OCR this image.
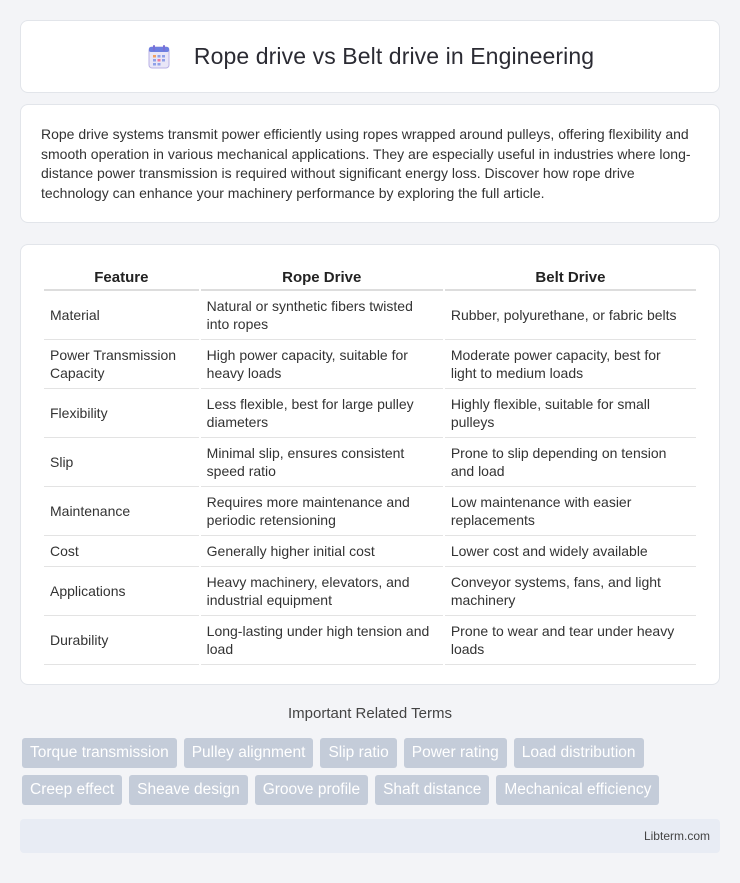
Rope drive vs Belt drive in Engineering

Rope drive systems transmit power efficiently using ropes wrapped around pulleys, offering flexibility and smooth operation in various mechanical applications. They are especially useful in industries where long-distance power transmission is required without significant energy loss. Discover how rope drive technology can enhance your machinery performance by exploring the full article.

Feature	Rope Drive	Belt Drive
Material	Natural or synthetic fibers twisted into ropes	Rubber, polyurethane, or fabric belts
Power Transmission Capacity	High power capacity, suitable for heavy loads	Moderate power capacity, best for light to medium loads
Flexibility	Less flexible, best for large pulley diameters	Highly flexible, suitable for small pulleys
Slip	Minimal slip, ensures consistent speed ratio	Prone to slip depending on tension and load
Maintenance	Requires more maintenance and periodic retensioning	Low maintenance with easier replacements
Cost	Generally higher initial cost	Lower cost and widely available
Applications	Heavy machinery, elevators, and industrial equipment	Conveyor systems, fans, and light machinery
Durability	Long-lasting under high tension and load	Prone to wear and tear under heavy loads
Important Related Terms
Torque transmission	Pulley alignment	Slip ratio	Power rating	Load distribution
Creep effect	Sheave design	Groove profile	Shaft distance	Mechanical efficiency
Libterm.com
